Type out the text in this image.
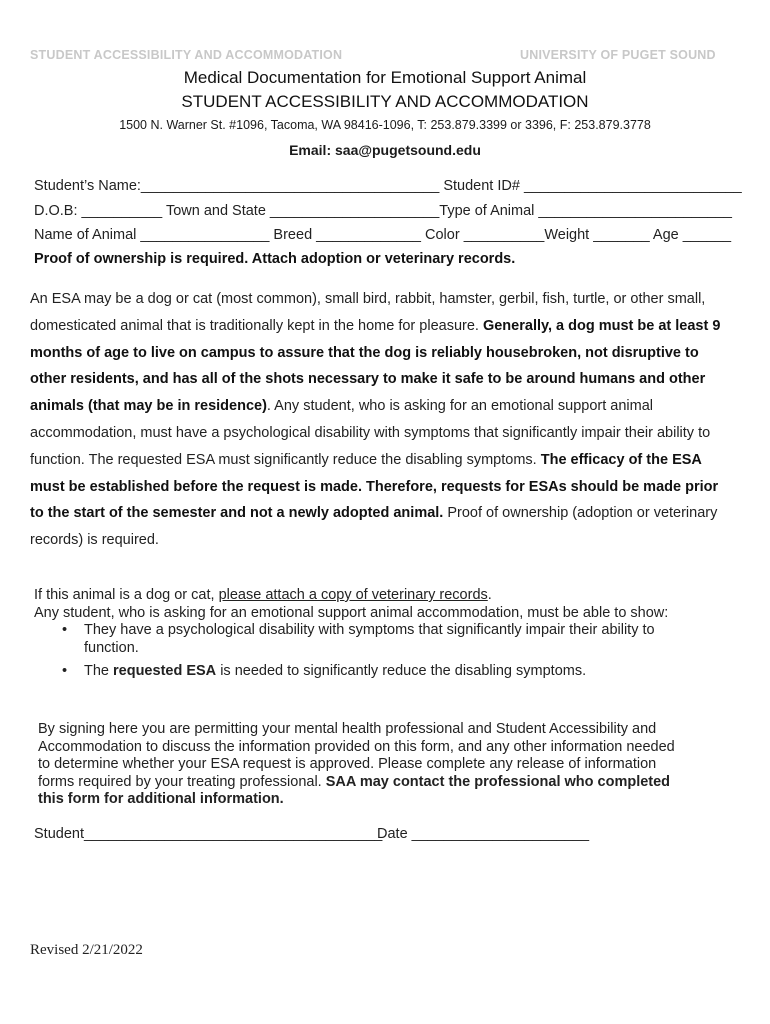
STUDENT ACCESSIBILITY AND ACCOMMODATION	UNIVERSITY OF PUGET SOUND
Medical Documentation for Emotional Support Animal
STUDENT ACCESSIBILITY AND ACCOMMODATION
1500 N. Warner St. #1096, Tacoma, WA 98416-1096, T: 253.879.3399 or 3396, F: 253.879.3778
Email: saa@pugetsound.edu
Student’s Name:_____________________________________ Student ID# ___________________________
D.O.B: __________ Town and State _____________________Type of Animal ________________________
Name of Animal ________________ Breed _____________ Color __________Weight _______ Age ______
Proof of ownership is required. Attach adoption or veterinary records.
An ESA may be a dog or cat (most common), small bird, rabbit, hamster, gerbil, fish, turtle, or other small, domesticated animal that is traditionally kept in the home for pleasure. Generally, a dog must be at least 9 months of age to live on campus to assure that the dog is reliably housebroken, not disruptive to other residents, and has all of the shots necessary to make it safe to be around humans and other animals (that may be in residence). Any student, who is asking for an emotional support animal accommodation, must have a psychological disability with symptoms that significantly impair their ability to function. The requested ESA must significantly reduce the disabling symptoms. The efficacy of the ESA must be established before the request is made. Therefore, requests for ESAs should be made prior to the start of the semester and not a newly adopted animal. Proof of ownership (adoption or veterinary records) is required.
If this animal is a dog or cat, please attach a copy of veterinary records.
Any student, who is asking for an emotional support animal accommodation, must be able to show:
• They have a psychological disability with symptoms that significantly impair their ability to function.
• The requested ESA is needed to significantly reduce the disabling symptoms.
By signing here you are permitting your mental health professional and Student Accessibility and Accommodation to discuss the information provided on this form, and any other information needed to determine whether your ESA request is approved. Please complete any release of information forms required by your treating professional. SAA may contact the professional who completed this form for additional information.
Student_____________________________________
Date ______________________
Revised 2/21/2022
